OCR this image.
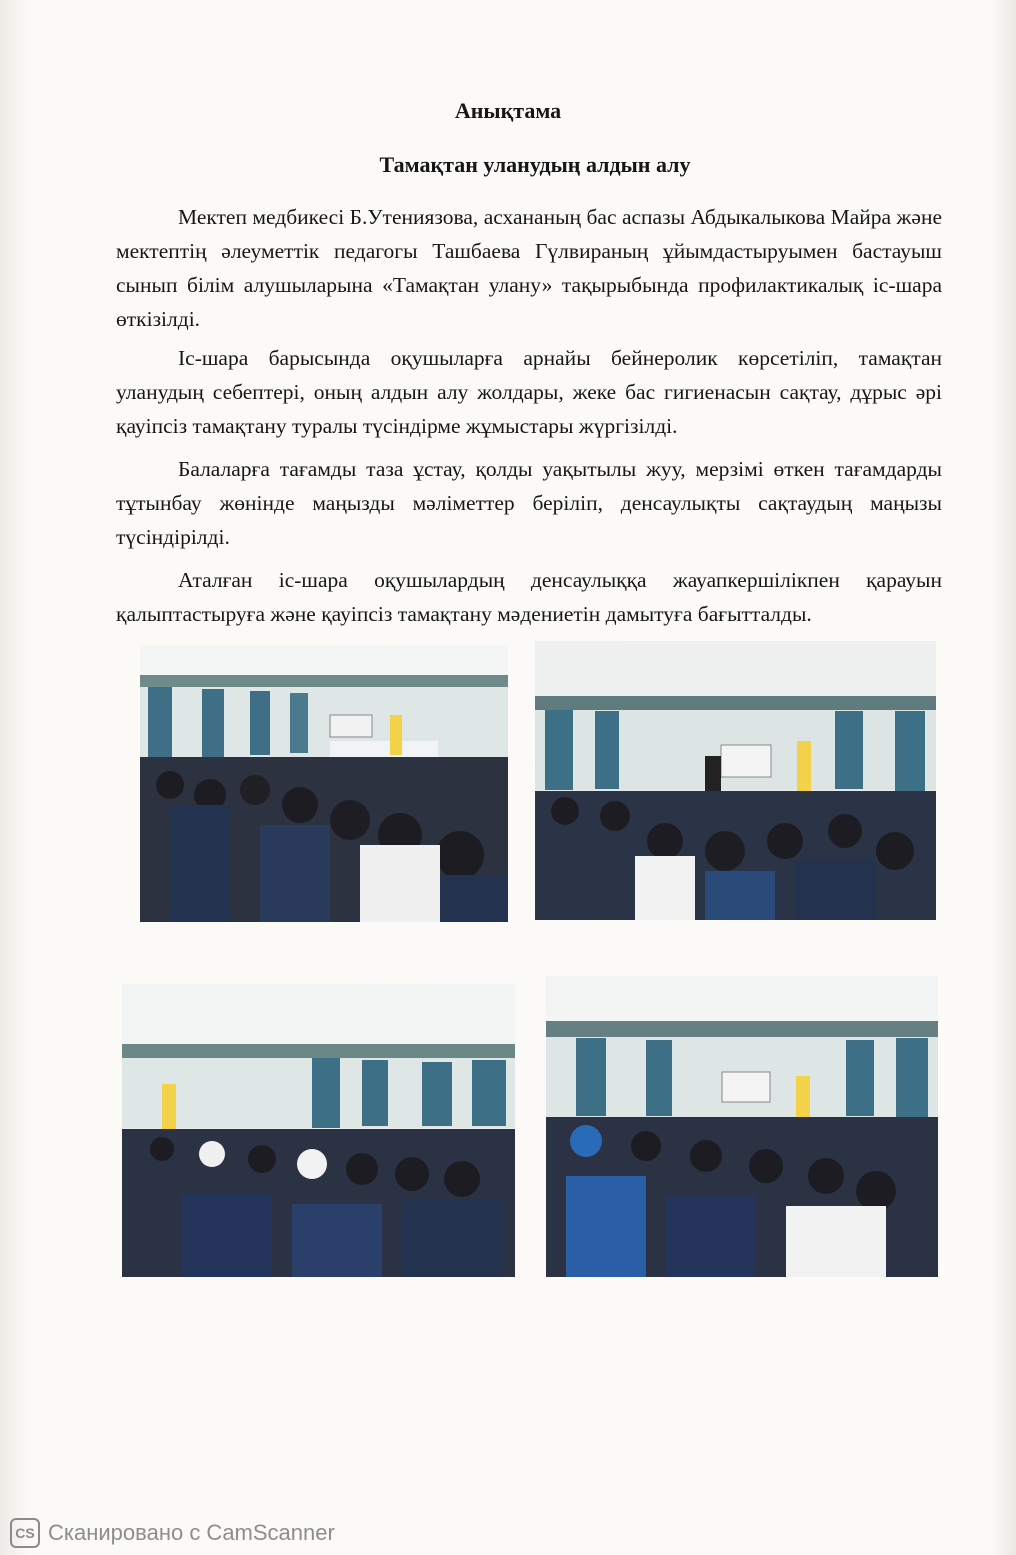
Анықтама
Тамақтан уланудың алдын алу

Мектеп медбикесі Б.Утениязова, асхананың бас аспазы Абдыкалыкова Майра және мектептің әлеуметтік педагогы Ташбаева Гүлвираның ұйымдастыруымен бастауыш сынып білім алушыларына «Тамақтан улану» тақырыбында профилактикалық іс-шара өткізілді.

Іс-шара барысында оқушыларға арнайы бейнеролик көрсетіліп, тамақтан уланудың себептері, оның алдын алу жолдары, жеке бас гигиенасын сақтау, дұрыс әрі қауіпсіз тамақтану туралы түсіндірме жұмыстары жүргізілді.

Балаларға тағамды таза ұстау, қолды уақытылы жуу, мерзімі өткен тағамдарды тұтынбау жөнінде маңызды мәліметтер беріліп, денсаулықты сақтаудың маңызы түсіндірілді.

Аталған іс-шара оқушылардың денсаулыққа жауапкершілікпен қарауын қалыптастыруға және қауіпсіз тамақтану мәдениетін дамытуға бағытталды.

CS Сканировано с CamScanner
